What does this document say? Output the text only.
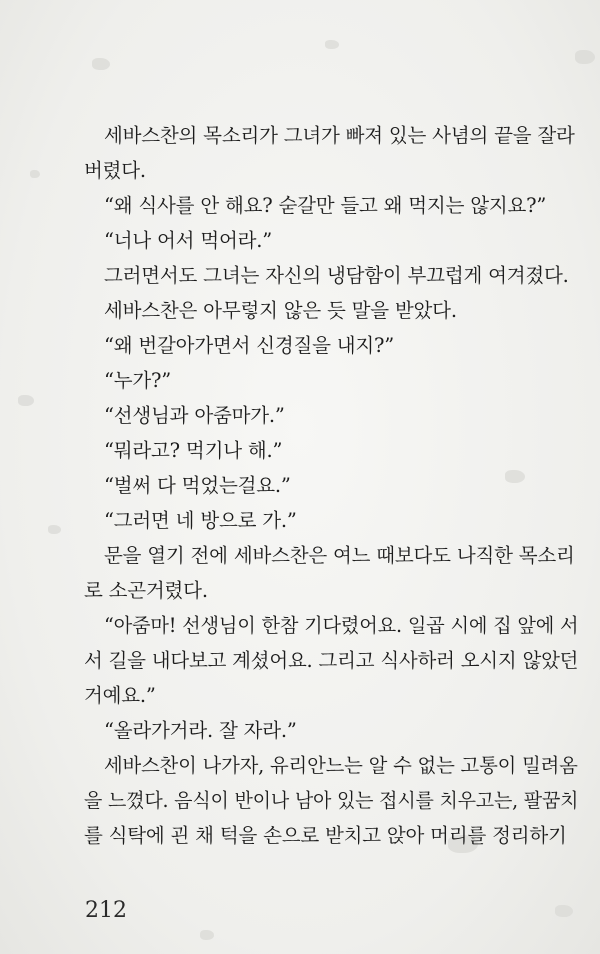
세바스찬의 목소리가 그녀가 빠져 있는 사념의 끝을 잘라

버렸다.

“왜 식사를 안 해요? 숟갈만 들고 왜 먹지는 않지요?”

“너나 어서 먹어라.”

그러면서도 그녀는 자신의 냉담함이 부끄럽게 여겨졌다.

세바스찬은 아무렇지 않은 듯 말을 받았다.

“왜 번갈아가면서 신경질을 내지?”

“누가?”

“선생님과 아줌마가.”

“뭐라고? 먹기나 해.”

“벌써 다 먹었는걸요.”

“그러면 네 방으로 가.”

문을 열기 전에 세바스찬은 여느 때보다도 나직한 목소리

로 소곤거렸다.

“아줌마! 선생님이 한참 기다렸어요. 일곱 시에 집 앞에 서

서 길을 내다보고 계셨어요. 그리고 식사하러 오시지 않았던

거예요.”

“올라가거라. 잘 자라.”

세바스찬이 나가자, 유리안느는 알 수 없는 고통이 밀려옴

을 느꼈다. 음식이 반이나 남아 있는 접시를 치우고는, 팔꿈치

를 식탁에 괸 채 턱을 손으로 받치고 앉아 머리를 정리하기

212
